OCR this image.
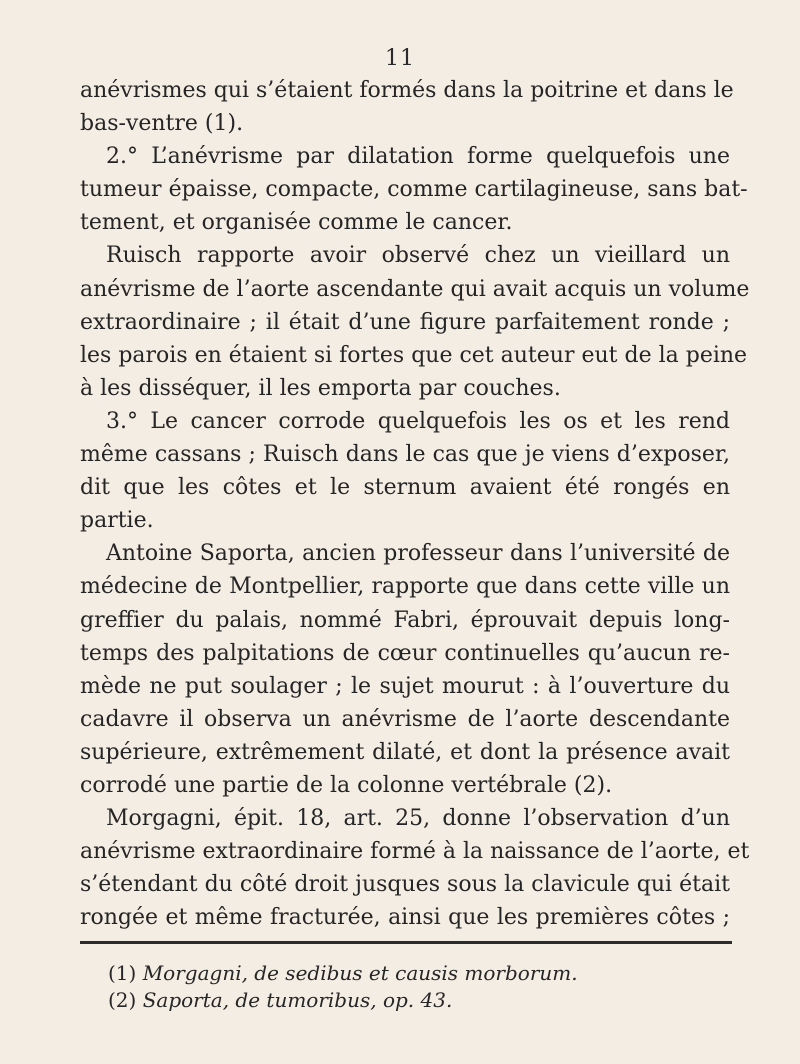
11
anévrismes qui s’étaient formés dans la poitrine et dans le
bas-ventre (1).
2.° L’anévrisme par dilatation forme quelquefois une
tumeur épaisse, compacte, comme cartilagineuse, sans bat-
tement, et organisée comme le cancer.
Ruisch rapporte avoir observé chez un vieillard un
anévrisme de l’aorte ascendante qui avait acquis un volume
extraordinaire ; il était d’une figure parfaitement ronde ;
les parois en étaient si fortes que cet auteur eut de la peine
à les disséquer, il les emporta par couches.
3.° Le cancer corrode quelquefois les os et les rend
même cassans ; Ruisch dans le cas que je viens d’exposer,
dit que les côtes et le sternum avaient été rongés en
partie.
Antoine Saporta, ancien professeur dans l’université de
médecine de Montpellier, rapporte que dans cette ville un
greffier du palais, nommé Fabri, éprouvait depuis long-
temps des palpitations de cœur continuelles qu’aucun re-
mède ne put soulager ; le sujet mourut : à l’ouverture du
cadavre il observa un anévrisme de l’aorte descendante
supérieure, extrêmement dilaté, et dont la présence avait
corrodé une partie de la colonne vertébrale (2).
Morgagni, épit. 18, art. 25, donne l’observation d’un
anévrisme extraordinaire formé à la naissance de l’aorte, et
s’étendant du côté droit jusques sous la clavicule qui était
rongée et même fracturée, ainsi que les premières côtes ;
(1) Morgagni, de sedibus et causis morborum.
(2) Saporta, de tumoribus, op. 43.
